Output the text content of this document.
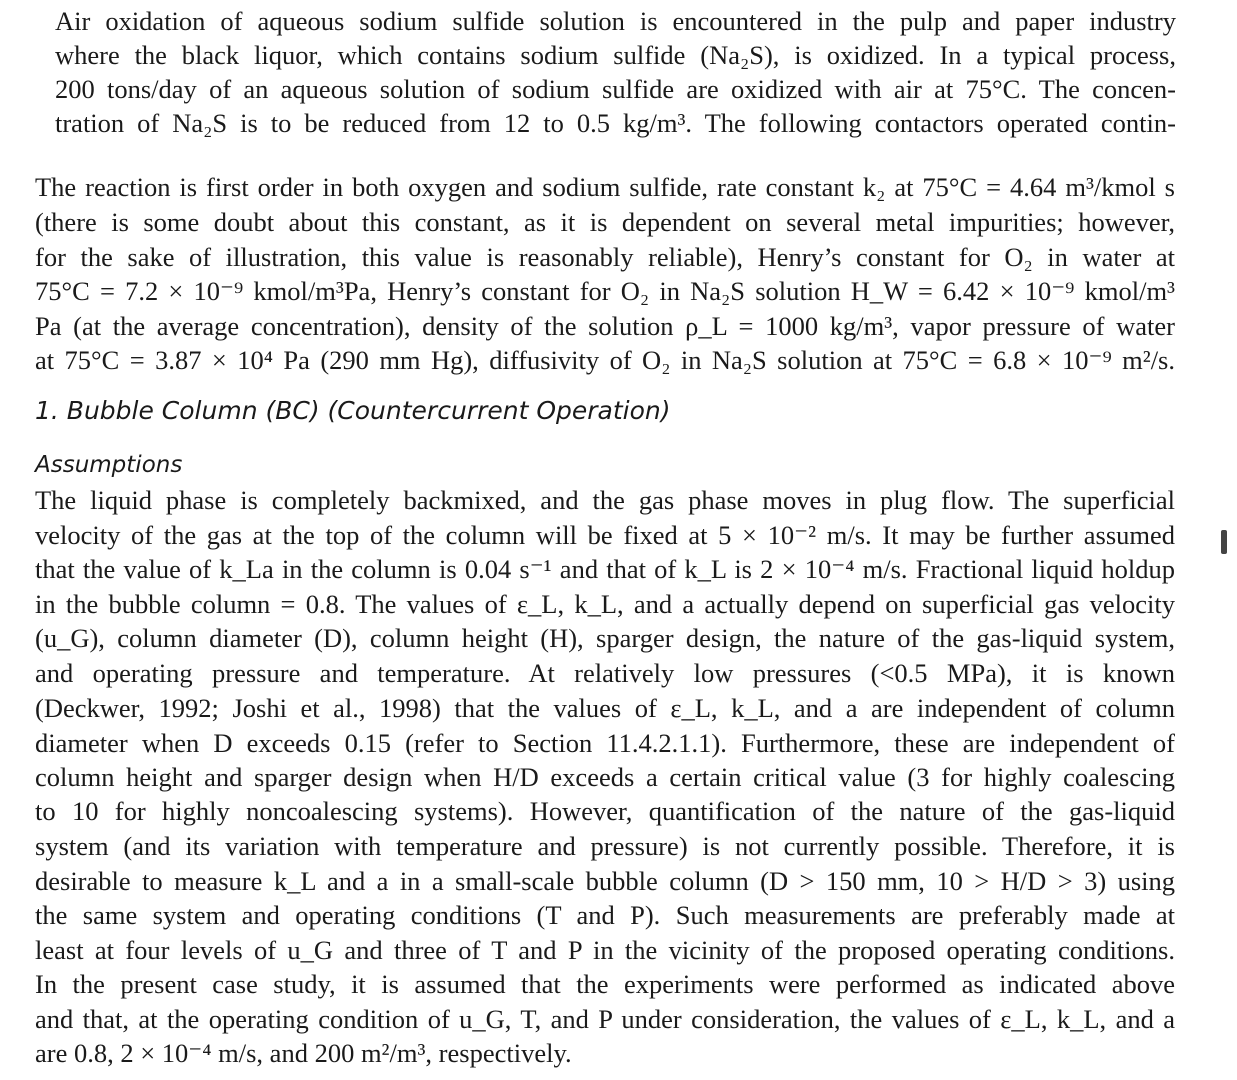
Air oxidation of aqueous sodium sulfide solution is encountered in the pulp and paper industry
where the black liquor, which contains sodium sulfide (Na₂S), is oxidized. In a typical process,
200 tons/day of an aqueous solution of sodium sulfide are oxidized with air at 75°C. The concen-
tration of Na₂S is to be reduced from 12 to 0.5 kg/m³. The following contactors operated contin-
The reaction is first order in both oxygen and sodium sulfide, rate constant k₂ at 75°C = 4.64 m³/kmol s
(there is some doubt about this constant, as it is dependent on several metal impurities; however,
for the sake of illustration, this value is reasonably reliable), Henry’s constant for O₂ in water at
75°C = 7.2 × 10⁻⁹ kmol/m³Pa, Henry’s constant for O₂ in Na₂S solution H_W = 6.42 × 10⁻⁹ kmol/m³
Pa (at the average concentration), density of the solution ρ_L = 1000 kg/m³, vapor pressure of water
at 75°C = 3.87 × 10⁴ Pa (290 mm Hg), diffusivity of O₂ in Na₂S solution at 75°C = 6.8 × 10⁻⁹ m²/s.
1. Bubble Column (BC) (Countercurrent Operation)
Assumptions
The liquid phase is completely backmixed, and the gas phase moves in plug flow. The superficial
velocity of the gas at the top of the column will be fixed at 5 × 10⁻² m/s. It may be further assumed
that the value of k_La in the column is 0.04 s⁻¹ and that of k_L is 2 × 10⁻⁴ m/s. Fractional liquid holdup
in the bubble column = 0.8. The values of ε_L, k_L, and a actually depend on superficial gas velocity
(u_G), column diameter (D), column height (H), sparger design, the nature of the gas-liquid system,
and operating pressure and temperature. At relatively low pressures (<0.5 MPa), it is known
(Deckwer, 1992; Joshi et al., 1998) that the values of ε_L, k_L, and a are independent of column
diameter when D exceeds 0.15 (refer to Section 11.4.2.1.1). Furthermore, these are independent of
column height and sparger design when H/D exceeds a certain critical value (3 for highly coalescing
to 10 for highly noncoalescing systems). However, quantification of the nature of the gas-liquid
system (and its variation with temperature and pressure) is not currently possible. Therefore, it is
desirable to measure k_L and a in a small-scale bubble column (D > 150 mm, 10 > H/D > 3) using
the same system and operating conditions (T and P). Such measurements are preferably made at
least at four levels of u_G and three of T and P in the vicinity of the proposed operating conditions.
In the present case study, it is assumed that the experiments were performed as indicated above
and that, at the operating condition of u_G, T, and P under consideration, the values of ε_L, k_L, and a
are 0.8, 2 × 10⁻⁴ m/s, and 200 m²/m³, respectively.
